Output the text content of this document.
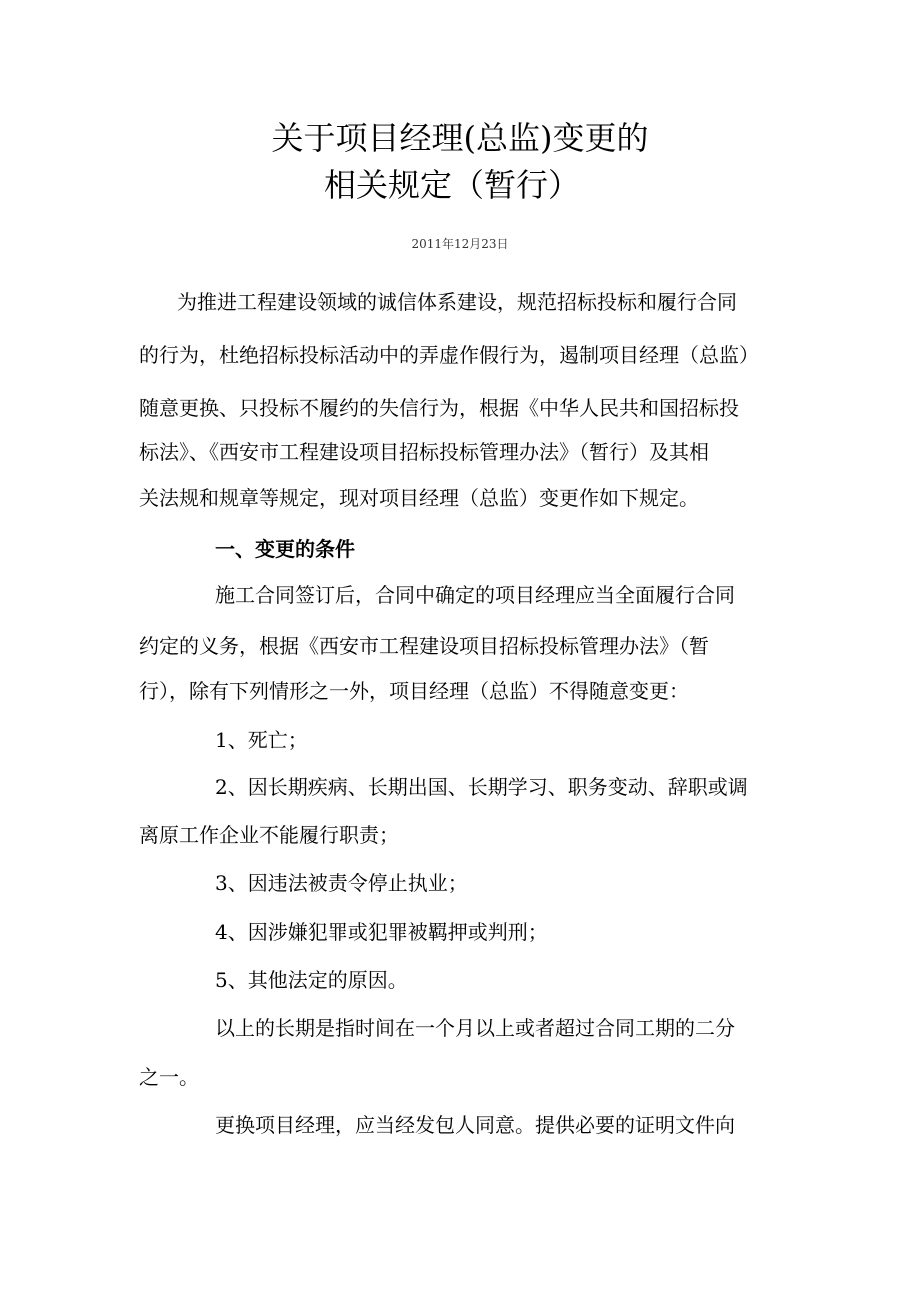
关于项目经理(总监)变更的
相关规定（暂行）
2011年12月23日
为推进工程建设领域的诚信体系建设，规范招标投标和履行合同
的行为，杜绝招标投标活动中的弄虚作假行为，遏制项目经理（总监）
随意更换、只投标不履约的失信行为，根据《中华人民共和国招标投
标法》、《西安市工程建设项目招标投标管理办法》（暂行）及其相
关法规和规章等规定，现对项目经理（总监）变更作如下规定。
一、变更的条件
施工合同签订后，合同中确定的项目经理应当全面履行合同
约定的义务，根据《西安市工程建设项目招标投标管理办法》（暂
行），除有下列情形之一外，项目经理（总监）不得随意变更：
1、死亡；
2、因长期疾病、长期出国、长期学习、职务变动、辞职或调
离原工作企业不能履行职责；
3、因违法被责令停止执业；
4、因涉嫌犯罪或犯罪被羁押或判刑；
5、其他法定的原因。
以上的长期是指时间在一个月以上或者超过合同工期的二分
之一。
更换项目经理，应当经发包人同意。提供必要的证明文件向
